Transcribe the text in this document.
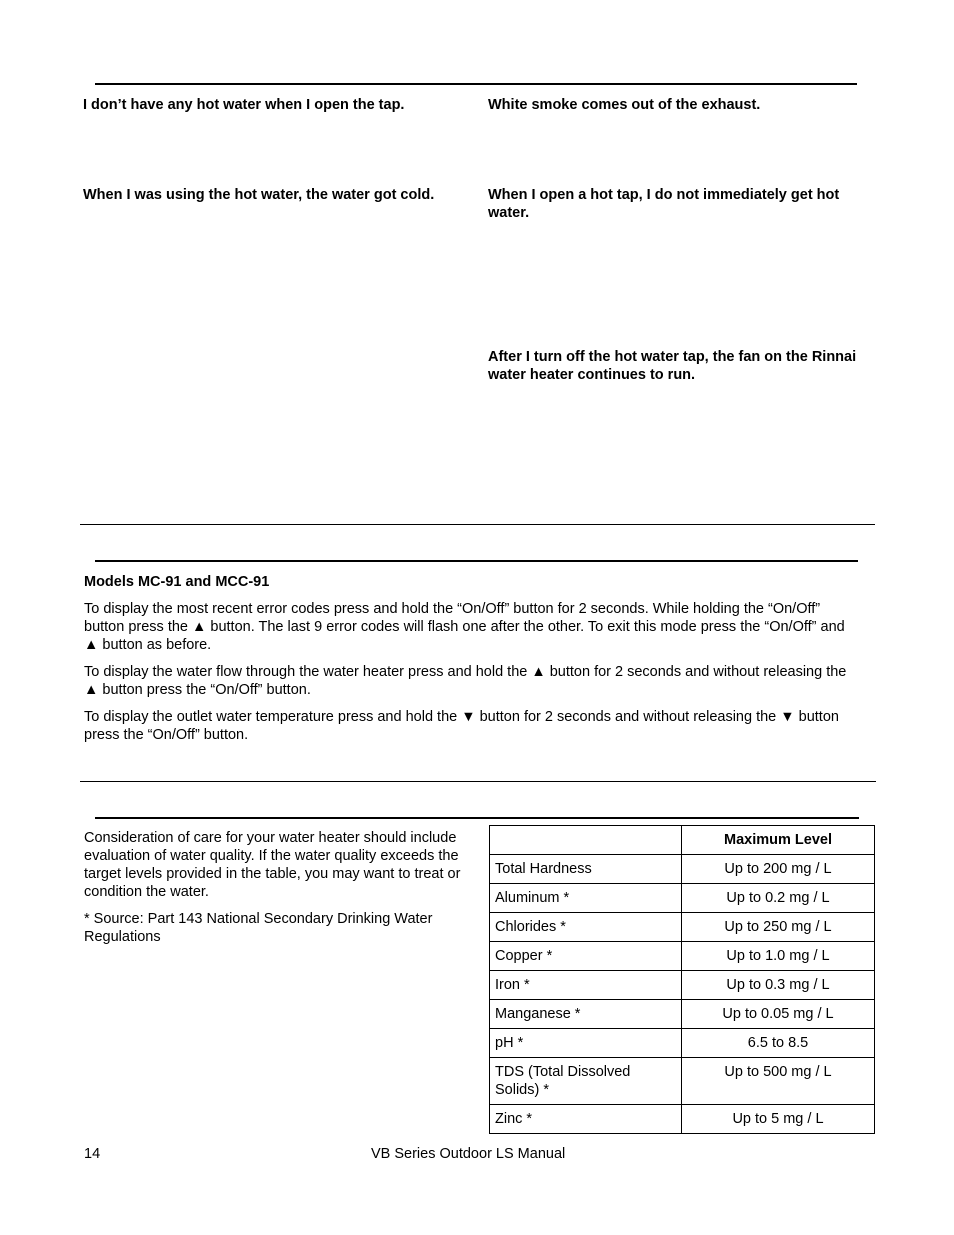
I don’t have any hot water when I open the tap.	White smoke comes out of the exhaust.

When I was using the hot water, the water got cold.	When I open a hot tap, I do not immediately get hot water.

After I turn off the hot water tap, the fan on the Rinnai water heater continues to run.

Models MC-91 and MCC-91

To display the most recent error codes press and hold the “On/Off” button for 2 seconds. While holding the “On/Off” button press the ▲ button. The last 9 error codes will flash one after the other. To exit this mode press the “On/Off” and ▲ button as before.

To display the water flow through the water heater press and hold the ▲ button for 2 seconds and without releasing the ▲ button press the “On/Off” button.

To display the outlet water temperature press and hold the ▼ button for 2 seconds and without releasing the ▼ button press the “On/Off” button.

Consideration of care for your water heater should include evaluation of water quality. If the water quality exceeds the target levels provided in the table, you may want to treat or condition the water.

* Source: Part 143 National Secondary Drinking Water Regulations

	Maximum Level
Total Hardness	Up to 200 mg / L
Aluminum *	Up to 0.2 mg / L
Chlorides *	Up to 250 mg / L
Copper *	Up to 1.0 mg / L
Iron *	Up to 0.3 mg / L
Manganese *	Up to 0.05 mg / L
pH *	6.5 to 8.5
TDS (Total Dissolved Solids) *	Up to 500 mg / L
Zinc *	Up to 5 mg / L
14	VB Series Outdoor LS Manual
